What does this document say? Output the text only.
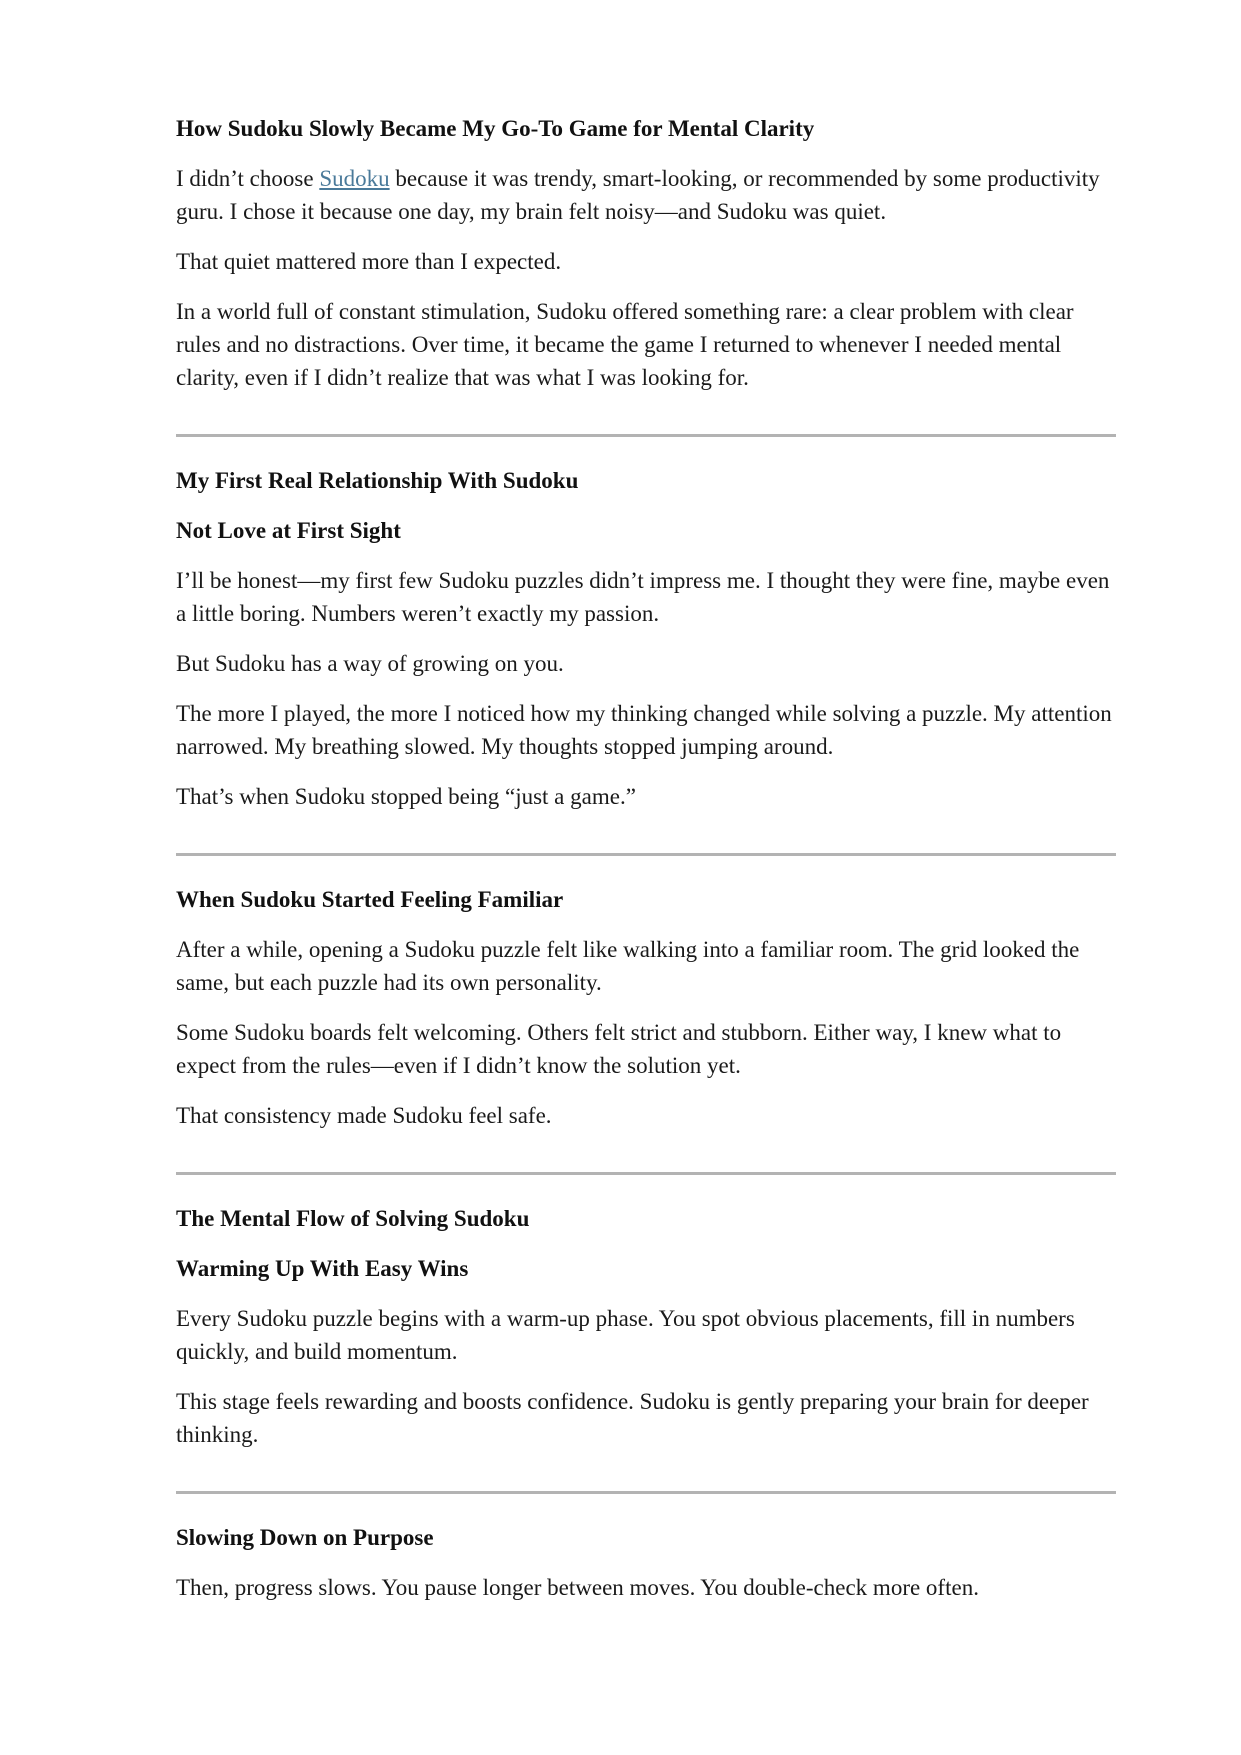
How Sudoku Slowly Became My Go-To Game for Mental Clarity
I didn’t choose Sudoku because it was trendy, smart-looking, or recommended by some productivity guru. I chose it because one day, my brain felt noisy—and Sudoku was quiet.
That quiet mattered more than I expected.
In a world full of constant stimulation, Sudoku offered something rare: a clear problem with clear rules and no distractions. Over time, it became the game I returned to whenever I needed mental clarity, even if I didn’t realize that was what I was looking for.
My First Real Relationship With Sudoku
Not Love at First Sight
I’ll be honest—my first few Sudoku puzzles didn’t impress me. I thought they were fine, maybe even a little boring. Numbers weren’t exactly my passion.
But Sudoku has a way of growing on you.
The more I played, the more I noticed how my thinking changed while solving a puzzle. My attention narrowed. My breathing slowed. My thoughts stopped jumping around.
That’s when Sudoku stopped being “just a game.”
When Sudoku Started Feeling Familiar
After a while, opening a Sudoku puzzle felt like walking into a familiar room. The grid looked the same, but each puzzle had its own personality.
Some Sudoku boards felt welcoming. Others felt strict and stubborn. Either way, I knew what to expect from the rules—even if I didn’t know the solution yet.
That consistency made Sudoku feel safe.
The Mental Flow of Solving Sudoku
Warming Up With Easy Wins
Every Sudoku puzzle begins with a warm-up phase. You spot obvious placements, fill in numbers quickly, and build momentum.
This stage feels rewarding and boosts confidence. Sudoku is gently preparing your brain for deeper thinking.
Slowing Down on Purpose
Then, progress slows. You pause longer between moves. You double-check more often.
